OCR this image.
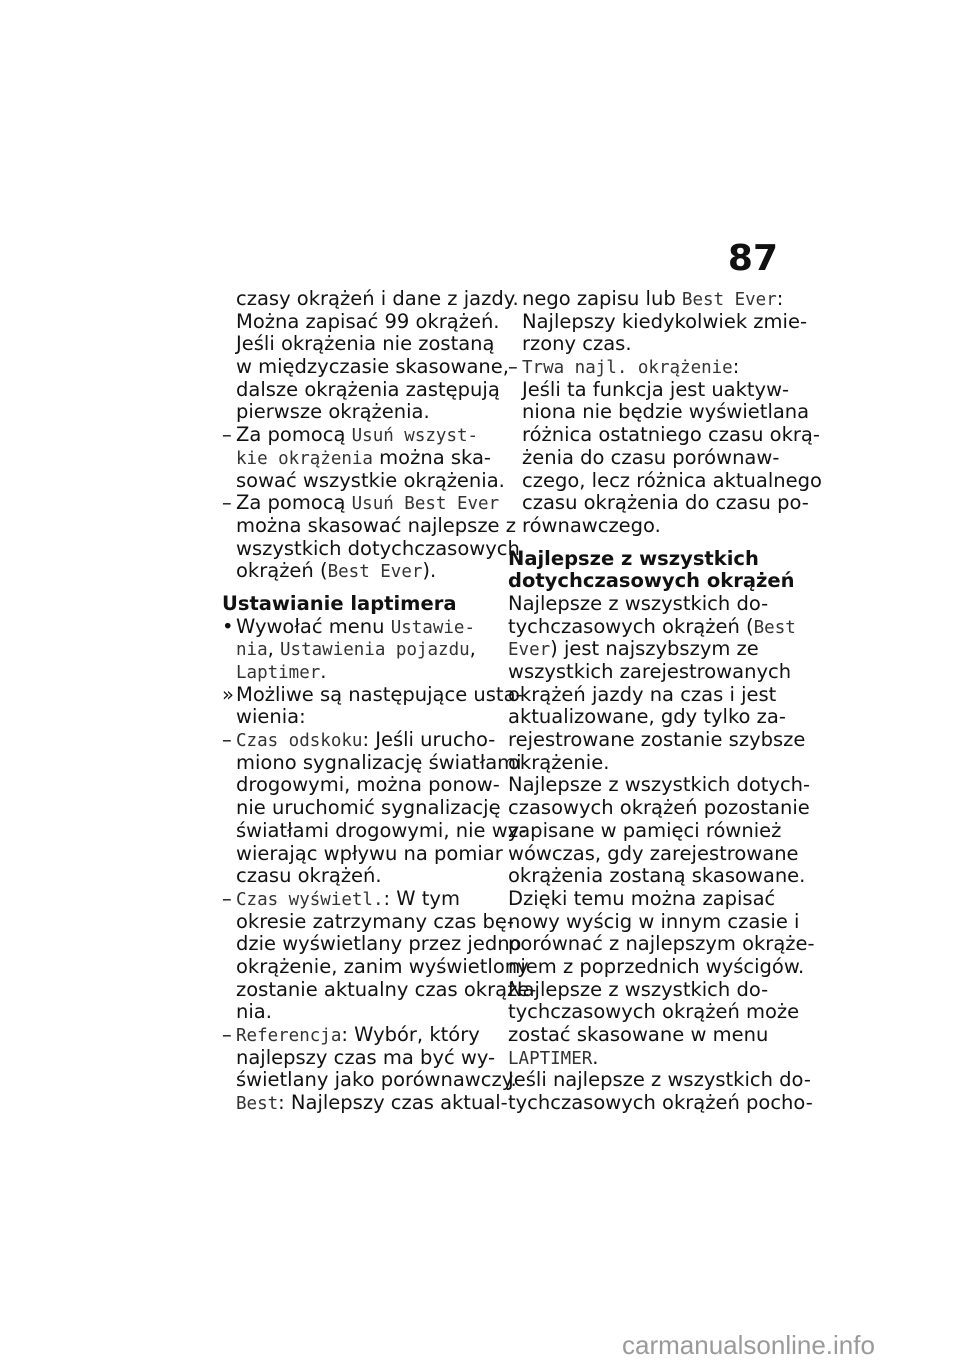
87
czasy okrążeń i dane z jazdy.
Można zapisać 99 okrążeń.
Jeśli okrążenia nie zostaną
w międzyczasie skasowane,
dalsze okrążenia zastępują
pierwsze okrążenia.
– Za pomocą Usuń wszyst-
kie okrążenia można ska-
sować wszystkie okrążenia.
– Za pomocą Usuń Best Ever
można skasować najlepsze z
wszystkich dotychczasowych
okrążeń (Best Ever).
Ustawianie laptimera
• Wywołać menu Ustawie-
nia, Ustawienia pojazdu,
Laptimer.
» Możliwe są następujące usta-
wienia:
– Czas odskoku: Jeśli urucho-
miono sygnalizację światłami
drogowymi, można ponow-
nie uruchomić sygnalizację
światłami drogowymi, nie wy-
wierając wpływu na pomiar
czasu okrążeń.
– Czas wyświetl.: W tym
okresie zatrzymany czas bę-
dzie wyświetlany przez jedno
okrążenie, zanim wyświetlony
zostanie aktualny czas okrąże-
nia.
– Referencja: Wybór, który
najlepszy czas ma być wy-
świetlany jako porównawczy.
Best: Najlepszy czas aktual-
nego zapisu lub Best Ever:
Najlepszy kiedykolwiek zmie-
rzony czas.
– Trwa najl. okrążenie:
Jeśli ta funkcja jest uaktyw-
niona nie będzie wyświetlana
różnica ostatniego czasu okrą-
żenia do czasu porównaw-
czego, lecz różnica aktualnego
czasu okrążenia do czasu po-
równawczego.
Najlepsze z wszystkich
dotychczasowych okrążeń
Najlepsze z wszystkich do-
tychczasowych okrążeń (Best
Ever) jest najszybszym ze
wszystkich zarejestrowanych
okrążeń jazdy na czas i jest
aktualizowane, gdy tylko za-
rejestrowane zostanie szybsze
okrążenie.
Najlepsze z wszystkich dotych-
czasowych okrążeń pozostanie
zapisane w pamięci również
wówczas, gdy zarejestrowane
okrążenia zostaną skasowane.
Dzięki temu można zapisać
nowy wyścig w innym czasie i
porównać z najlepszym okrąże-
niem z poprzednich wyścigów.
Najlepsze z wszystkich do-
tychczasowych okrążeń może
zostać skasowane w menu
LAPTIMER.
Jeśli najlepsze z wszystkich do-
tychczasowych okrążeń pocho-
carmanualsonline.info
